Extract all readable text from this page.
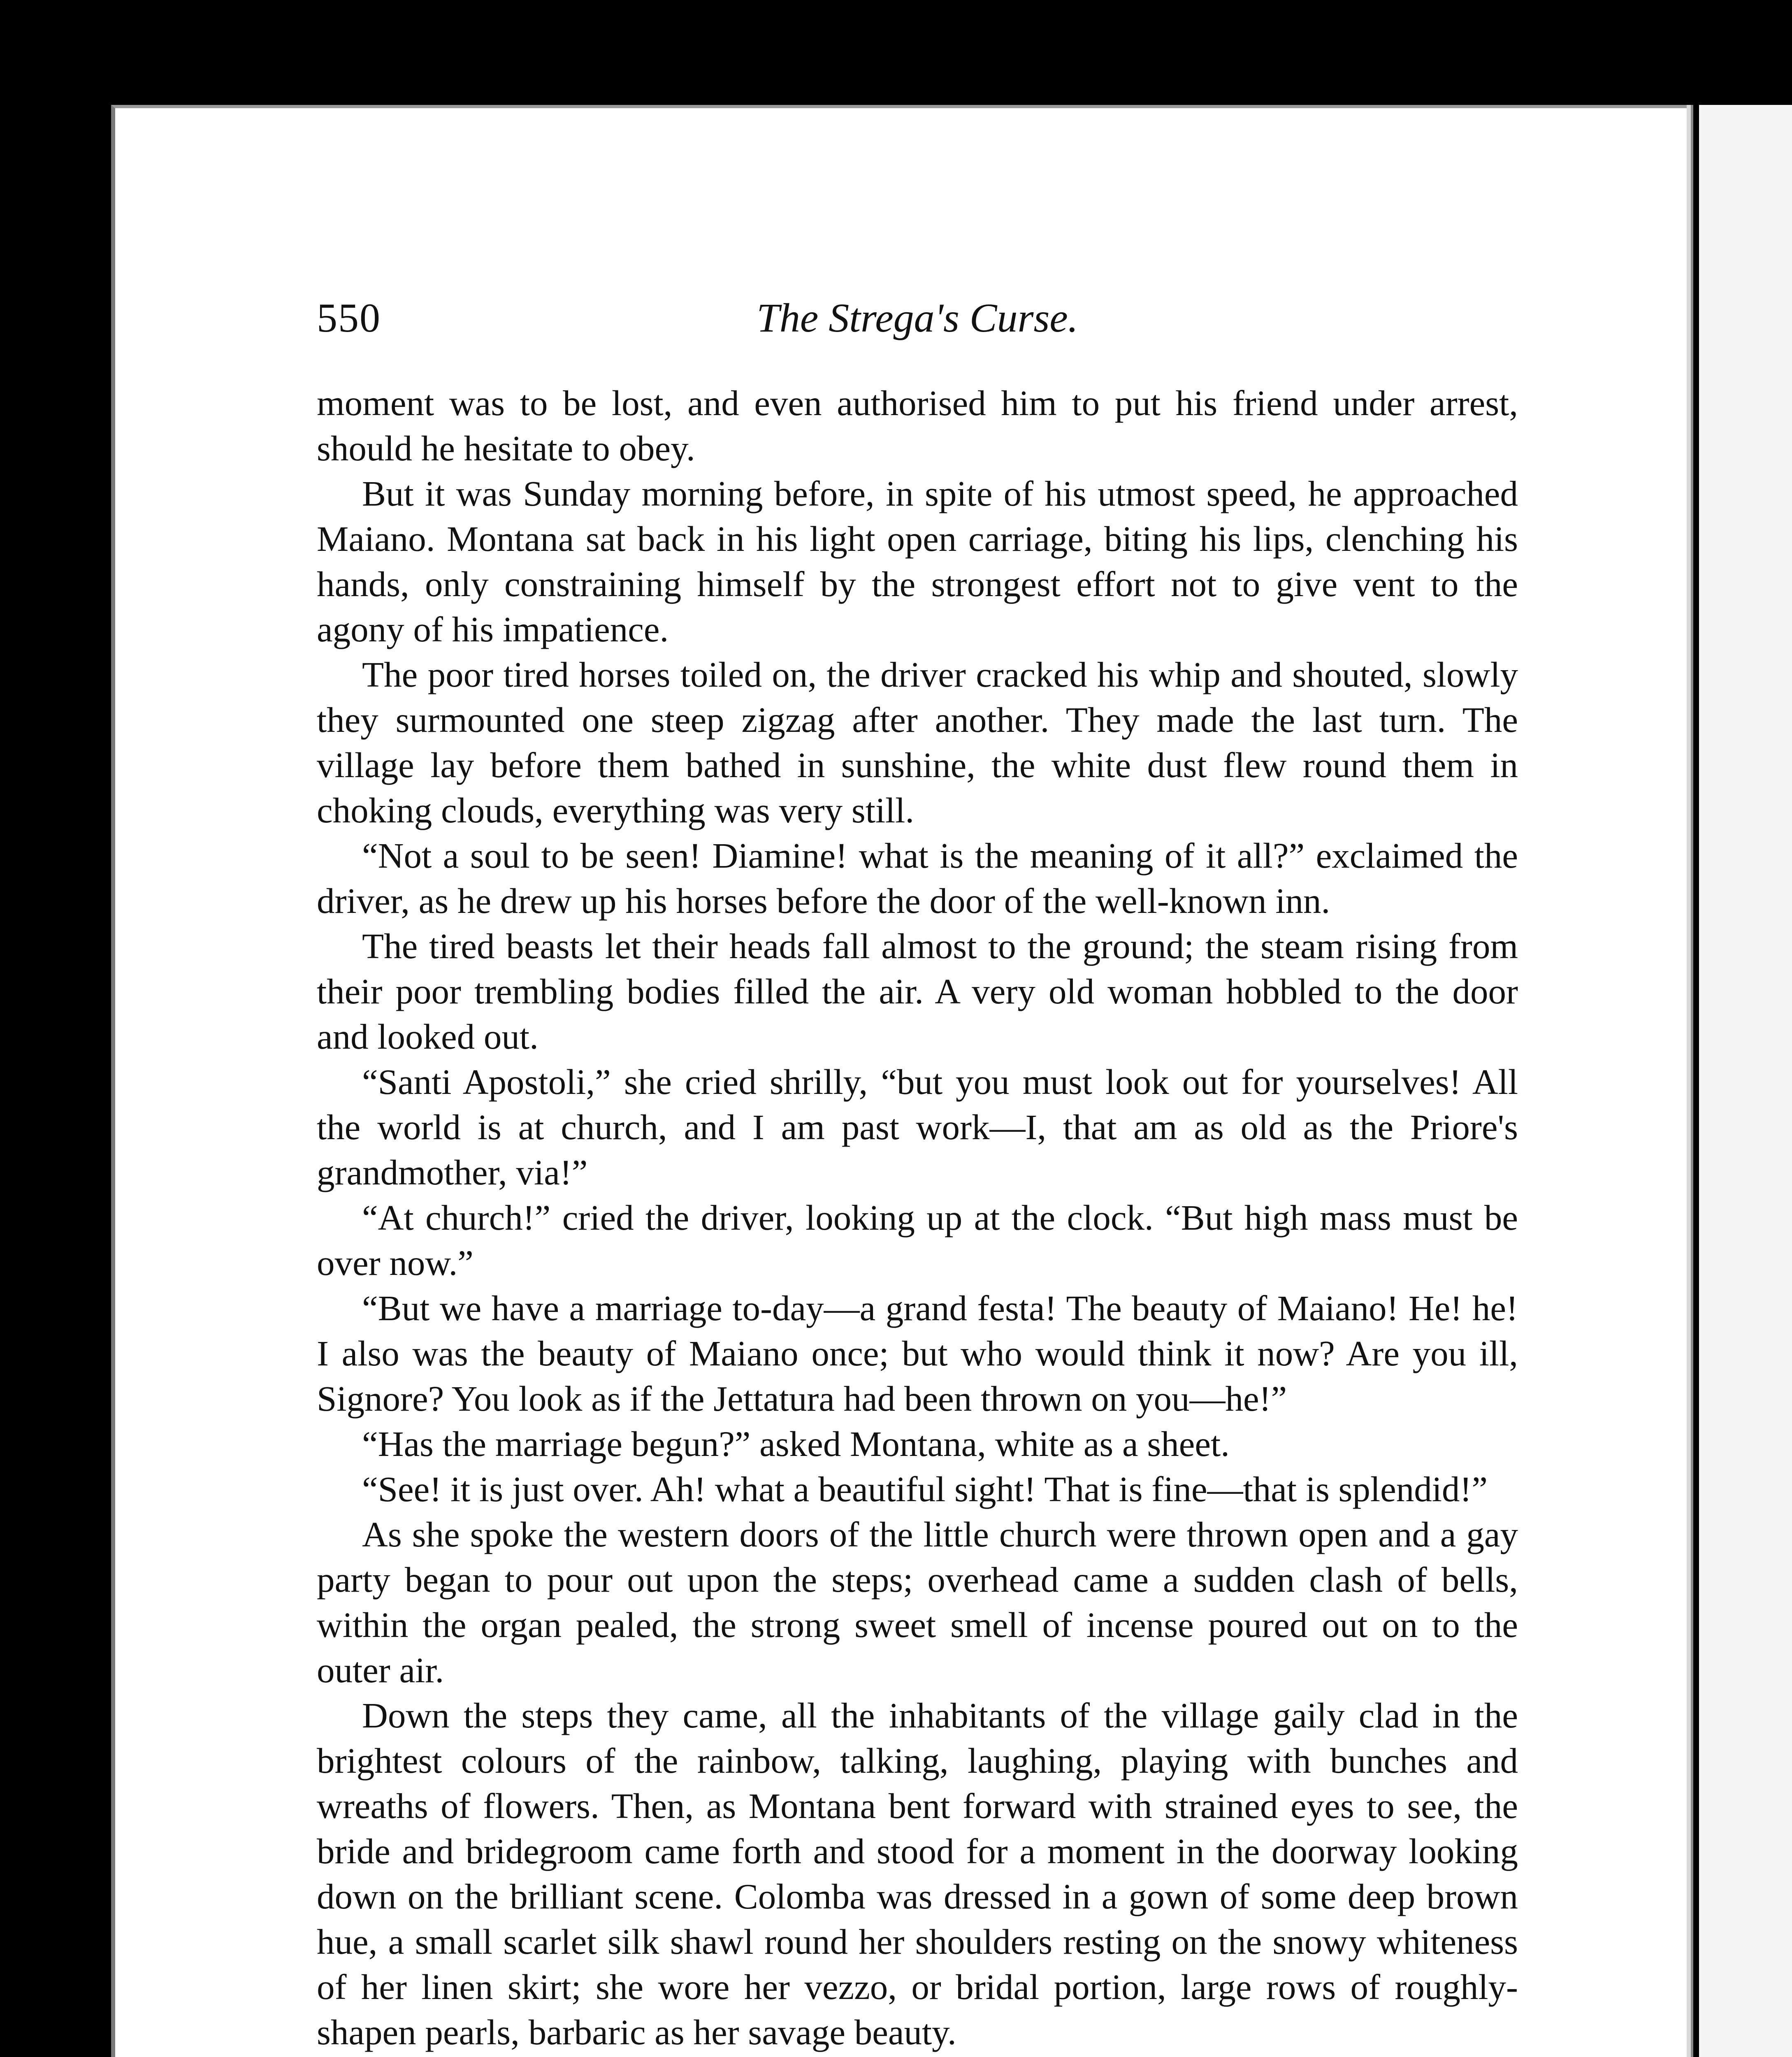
550	The Strega's Curse.

moment was to be lost, and even authorised him to put his friend under arrest, should he hesitate to obey.

But it was Sunday morning before, in spite of his utmost speed, he approached Maiano. Montana sat back in his light open carriage, biting his lips, clenching his hands, only constraining himself by the strongest effort not to give vent to the agony of his impatience.

The poor tired horses toiled on, the driver cracked his whip and shouted, slowly they surmounted one steep zigzag after another. They made the last turn. The village lay before them bathed in sunshine, the white dust flew round them in choking clouds, everything was very still.

“Not a soul to be seen! Diamine! what is the meaning of it all?” exclaimed the driver, as he drew up his horses before the door of the well-known inn.

The tired beasts let their heads fall almost to the ground; the steam rising from their poor trembling bodies filled the air. A very old woman hobbled to the door and looked out.

“Santi Apostoli,” she cried shrilly, “but you must look out for yourselves! All the world is at church, and I am past work—I, that am as old as the Priore's grandmother, via!”

“At church!” cried the driver, looking up at the clock. “But high mass must be over now.”

“But we have a marriage to-day—a grand festa! The beauty of Maiano! He! he! I also was the beauty of Maiano once; but who would think it now? Are you ill, Signore? You look as if the Jettatura had been thrown on you—he!”

“Has the marriage begun?” asked Montana, white as a sheet.

“See! it is just over. Ah! what a beautiful sight! That is fine—that is splendid!”

As she spoke the western doors of the little church were thrown open and a gay party began to pour out upon the steps; overhead came a sudden clash of bells, within the organ pealed, the strong sweet smell of incense poured out on to the outer air.

Down the steps they came, all the inhabitants of the village gaily clad in the brightest colours of the rainbow, talking, laughing, playing with bunches and wreaths of flowers. Then, as Montana bent forward with strained eyes to see, the bride and bridegroom came forth and stood for a moment in the doorway looking down on the brilliant scene. Colomba was dressed in a gown of some deep brown hue, a small scarlet silk shawl round her shoulders resting on the snowy whiteness of her linen skirt; she wore her vezzo, or bridal portion, large rows of roughly-shapen pearls, barbaric as her savage beauty.
